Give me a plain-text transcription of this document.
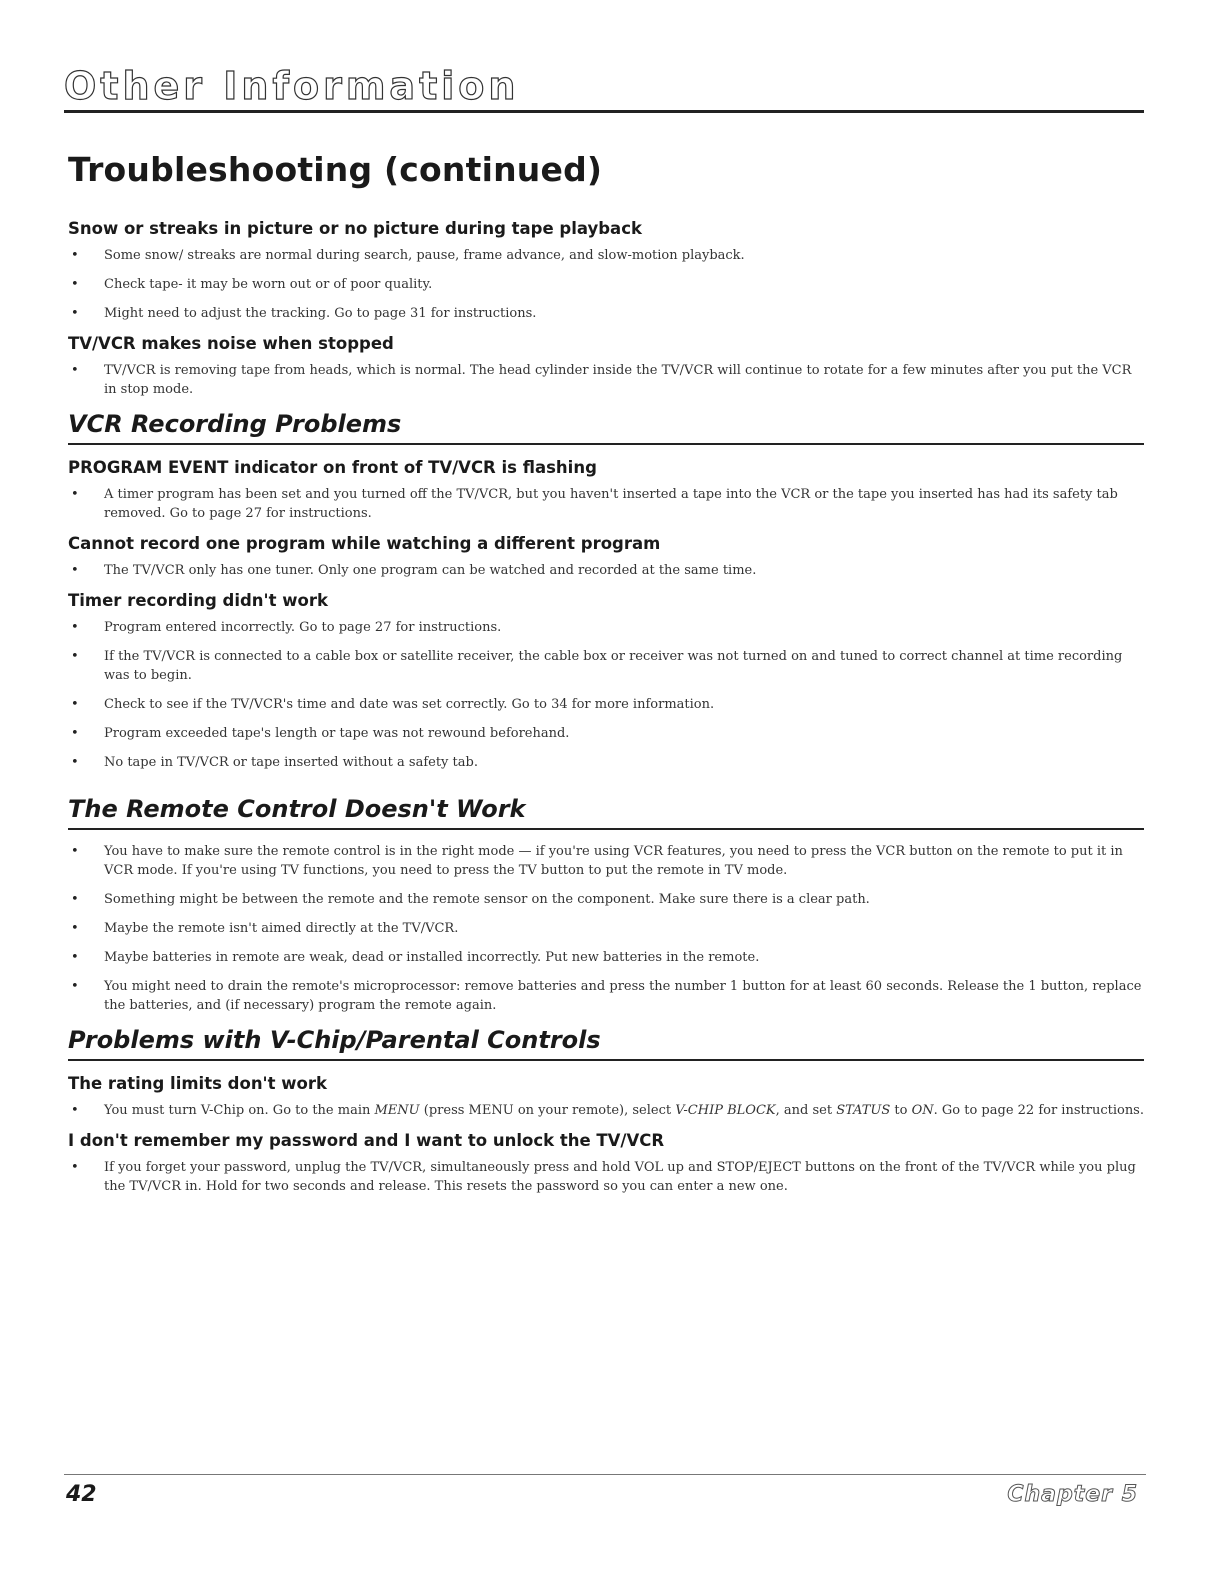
Other Information
Troubleshooting (continued)
Snow or streaks in picture or no picture during tape playback
• Some snow/ streaks are normal during search, pause, frame advance, and slow-motion playback.
• Check tape- it may be worn out or of poor quality.
• Might need to adjust the tracking. Go to page 31 for instructions.
TV/VCR makes noise when stopped
• TV/VCR is removing tape from heads, which is normal. The head cylinder inside the TV/VCR will continue to rotate for a few minutes after you put the VCR in stop mode.
VCR Recording Problems
PROGRAM EVENT indicator on front of TV/VCR is flashing
• A timer program has been set and you turned off the TV/VCR, but you haven't inserted a tape into the VCR or the tape you inserted has had its safety tab removed. Go to page 27 for instructions.
Cannot record one program while watching a different program
• The TV/VCR only has one tuner. Only one program can be watched and recorded at the same time.
Timer recording didn't work
• Program entered incorrectly. Go to page 27 for instructions.
• If the TV/VCR is connected to a cable box or satellite receiver, the cable box or receiver was not turned on and tuned to correct channel at time recording was to begin.
• Check to see if the TV/VCR's time and date was set correctly. Go to 34 for more information.
• Program exceeded tape's length or tape was not rewound beforehand.
• No tape in TV/VCR or tape inserted without a safety tab.
The Remote Control Doesn't Work
• You have to make sure the remote control is in the right mode — if you're using VCR features, you need to press the VCR button on the remote to put it in VCR mode. If you're using TV functions, you need to press the TV button to put the remote in TV mode.
• Something might be between the remote and the remote sensor on the component. Make sure there is a clear path.
• Maybe the remote isn't aimed directly at the TV/VCR.
• Maybe batteries in remote are weak, dead or installed incorrectly. Put new batteries in the remote.
• You might need to drain the remote's microprocessor: remove batteries and press the number 1 button for at least 60 seconds. Release the 1 button, replace the batteries, and (if necessary) program the remote again.
Problems with V-Chip/Parental Controls
The rating limits don't work
• You must turn V-Chip on. Go to the main MENU (press MENU on your remote), select V-CHIP BLOCK, and set STATUS to ON. Go to page 22 for instructions.
I don't remember my password and I want to unlock the TV/VCR
• If you forget your password, unplug the TV/VCR, simultaneously press and hold VOL up and STOP/EJECT buttons on the front of the TV/VCR while you plug the TV/VCR in. Hold for two seconds and release. This resets the password so you can enter a new one.
42	Chapter 5
